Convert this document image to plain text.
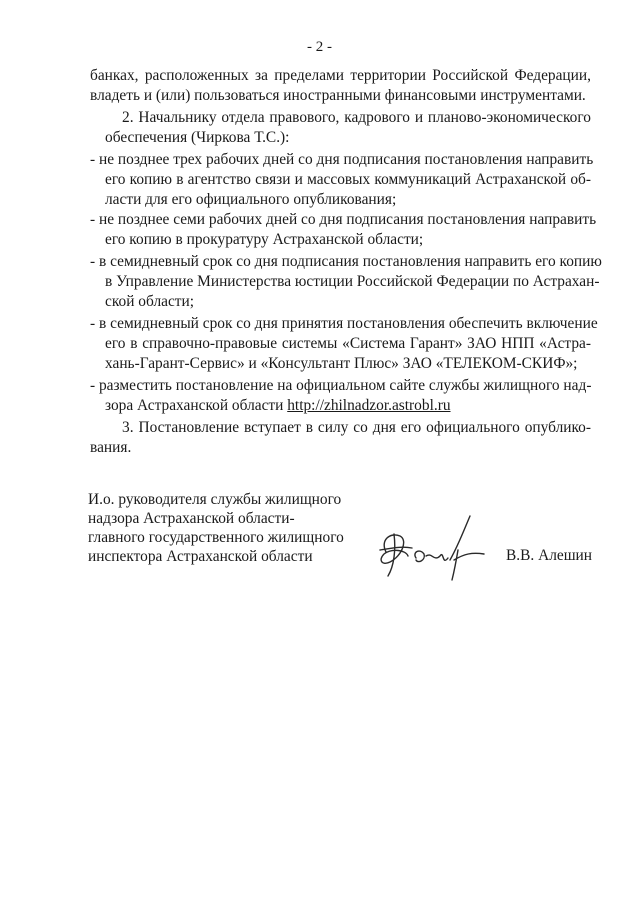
- 2 -
банках, расположенных за пределами территории Российской Федерации,
владеть и (или) пользоваться иностранными финансовыми инструментами.
2. Начальнику отдела правового, кадрового и планово-экономического
обеспечения (Чиркова Т.С.):
- не позднее трех рабочих дней со дня подписания постановления направить
его копию в агентство связи и массовых коммуникаций Астраханской об-
ласти для его официального опубликования;
- не позднее семи рабочих дней со дня подписания постановления направить
его копию в прокуратуру Астраханской области;
- в семидневный срок со дня подписания постановления направить его копию
в Управление Министерства юстиции Российской Федерации по Астрахан-
ской области;
- в семидневный срок со дня принятия постановления обеспечить включение
его в справочно-правовые системы «Система Гарант» ЗАО НПП «Астра-
хань-Гарант-Сервис» и «Консультант Плюс» ЗАО «ТЕЛЕКОМ-СКИФ»;
- разместить постановление на официальном сайте службы жилищного над-
зора Астраханской области http://zhilnadzor.astrobl.ru
3. Постановление вступает в силу со дня его официального опублико-
вания.
И.о. руководителя службы жилищного
надзора Астраханской области-
главного государственного жилищного
инспектора Астраханской области	В.В. Алешин
